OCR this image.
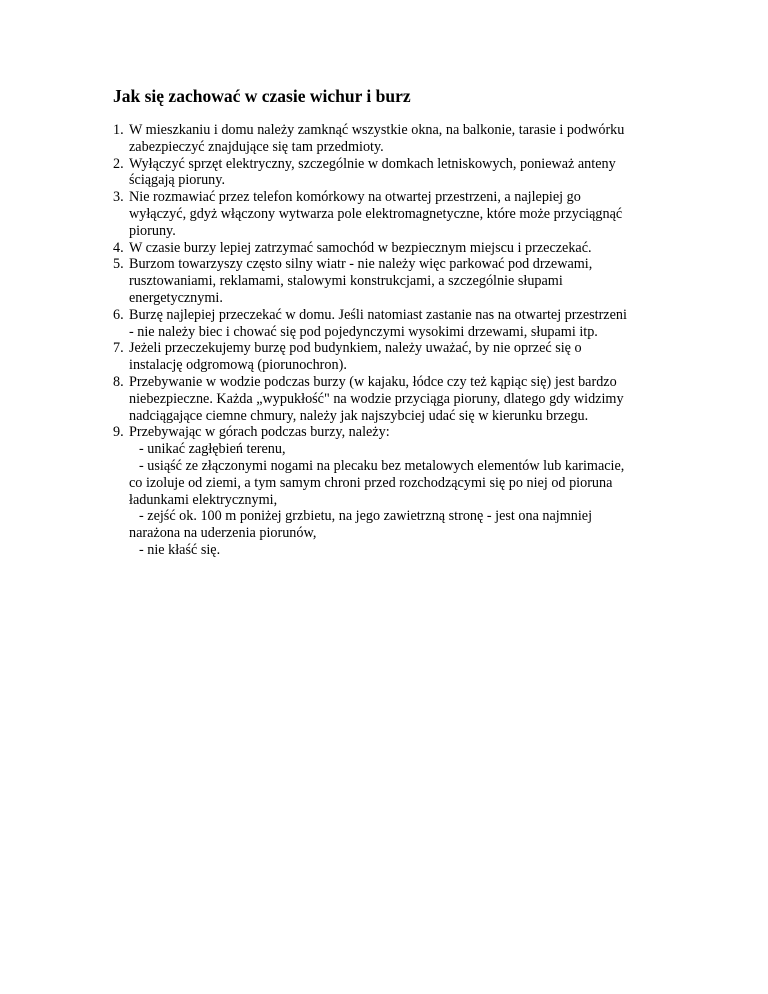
Jak się zachować w czasie wichur i burz
1. W mieszkaniu i domu należy zamknąć wszystkie okna, na balkonie, tarasie i podwórku
zabezpieczyć znajdujące się tam przedmioty.
2. Wyłączyć sprzęt elektryczny, szczególnie w domkach letniskowych, ponieważ anteny
ściągają pioruny.
3. Nie rozmawiać przez telefon komórkowy na otwartej przestrzeni, a najlepiej go
wyłączyć, gdyż włączony wytwarza pole elektromagnetyczne, które może przyciągnąć
pioruny.
4. W czasie burzy lepiej zatrzymać samochód w bezpiecznym miejscu i przeczekać.
5. Burzom towarzyszy często silny wiatr - nie należy więc parkować pod drzewami,
rusztowaniami, reklamami, stalowymi konstrukcjami, a szczególnie słupami
energetycznymi.
6. Burzę najlepiej przeczekać w domu. Jeśli natomiast zastanie nas na otwartej przestrzeni
- nie należy biec i chować się pod pojedynczymi wysokimi drzewami, słupami itp.
7. Jeżeli przeczekujemy burzę pod budynkiem, należy uważać, by nie oprzeć się o
instalację odgromową (piorunochron).
8. Przebywanie w wodzie podczas burzy (w kajaku, łódce czy też kąpiąc się) jest bardzo
niebezpieczne. Każda „wypukłość" na wodzie przyciąga pioruny, dlatego gdy widzimy
nadciągające ciemne chmury, należy jak najszybciej udać się w kierunku brzegu.
9. Przebywając w górach podczas burzy, należy:
- unikać zagłębień terenu,
- usiąść ze złączonymi nogami na plecaku bez metalowych elementów lub karimacie,
co izoluje od ziemi, a tym samym chroni przed rozchodzącymi się po niej od pioruna
ładunkami elektrycznymi,
- zejść ok. 100 m poniżej grzbietu, na jego zawietrzną stronę - jest ona najmniej
narażona na uderzenia piorunów,
- nie kłaść się.
